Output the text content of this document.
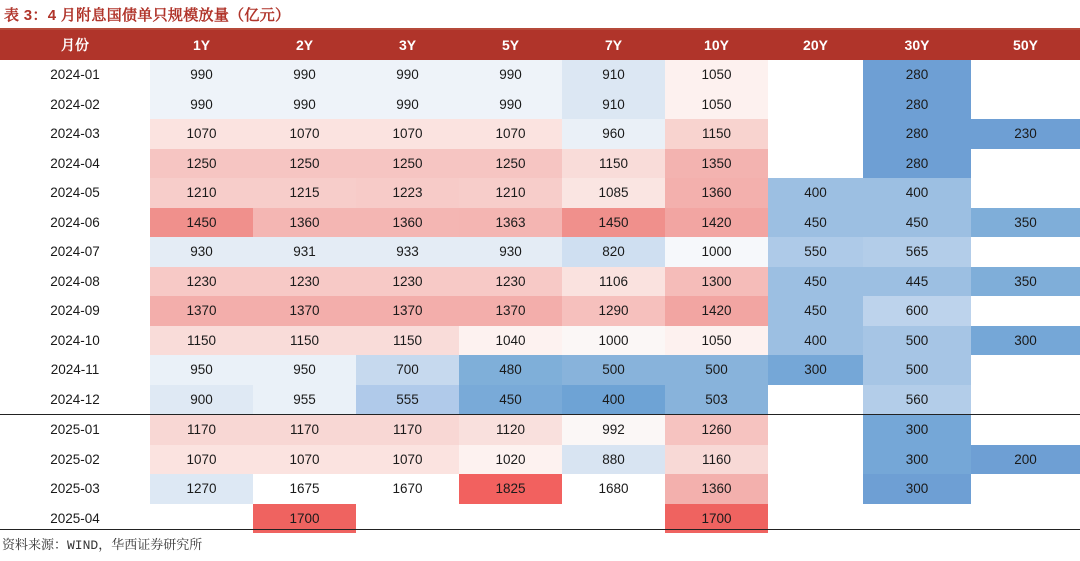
表 3：4 月附息国债单只规模放量（亿元）
月份	1Y	2Y	3Y	5Y	7Y	10Y	20Y	30Y	50Y
2024-01	990	990	990	990	910	1050		280	
2024-02	990	990	990	990	910	1050		280	
2024-03	1070	1070	1070	1070	960	1150		280	230
2024-04	1250	1250	1250	1250	1150	1350		280	
2024-05	1210	1215	1223	1210	1085	1360	400	400	
2024-06	1450	1360	1360	1363	1450	1420	450	450	350
2024-07	930	931	933	930	820	1000	550	565	
2024-08	1230	1230	1230	1230	1106	1300	450	445	350
2024-09	1370	1370	1370	1370	1290	1420	450	600	
2024-10	1150	1150	1150	1040	1000	1050	400	500	300
2024-11	950	950	700	480	500	500	300	500	
2024-12	900	955	555	450	400	503		560	
2025-01	1170	1170	1170	1120	992	1260		300	
2025-02	1070	1070	1070	1020	880	1160		300	200
2025-03	1270	1675	1670	1825	1680	1360		300	
2025-04		1700				1700			
资料来源：WIND，华西证券研究所
